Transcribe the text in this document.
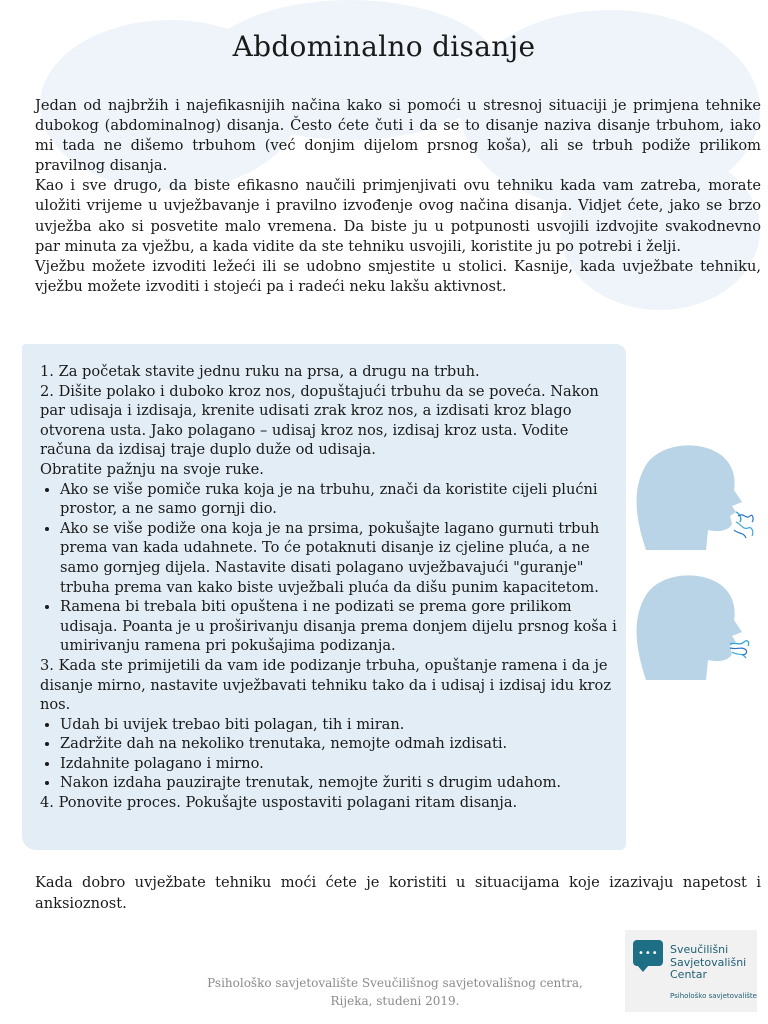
Abdominalno disanje

Jedan od najbržih i najefikasnijih načina kako si pomoći u stresnoj situaciji je primjena tehnike dubokog (abdominalnog) disanja. Često ćete čuti i da se to disanje naziva disanje trbuhom, iako mi tada ne dišemo trbuhom (već donjim dijelom prsnog koša), ali se trbuh podiže prilikom pravilnog disanja.

Kao i sve drugo, da biste efikasno naučili primjenjivati ovu tehniku kada vam zatreba, morate uložiti vrijeme u uvježbavanje i pravilno izvođenje ovog načina disanja. Vidjet ćete, jako se brzo uvježba ako si posvetite malo vremena. Da biste ju u potpunosti usvojili izdvojite svakodnevno par minuta za vježbu, a kada vidite da ste tehniku usvojili, koristite ju po potrebi i želji.

Vježbu možete izvoditi ležeći ili se udobno smjestite u stolici. Kasnije, kada uvježbate tehniku, vježbu možete izvoditi i stojeći pa i radeći neku lakšu aktivnost.

1. Za početak stavite jednu ruku na prsa, a drugu na trbuh.

2. Dišite polako i duboko kroz nos, dopuštajući trbuhu da se poveća. Nakon par udisaja i izdisaja, krenite udisati zrak kroz nos, a izdisati kroz blago otvorena usta. Jako polagano – udisaj kroz nos, izdisaj kroz usta. Vodite računa da izdisaj traje duplo duže od udisaja.

Obratite pažnju na svoje ruke.

• Ako se više pomiče ruka koja je na trbuhu, znači da koristite cijeli plućni prostor, a ne samo gornji dio.
• Ako se više podiže ona koja je na prsima, pokušajte lagano gurnuti trbuh prema van kada udahnete. To će potaknuti disanje iz cjeline pluća, a ne samo gornjeg dijela. Nastavite disati polagano uvježbavajući "guranje" trbuha prema van kako biste uvježbali pluća da dišu punim kapacitetom.
• Ramena bi trebala biti opuštena i ne podizati se prema gore prilikom udisaja. Poanta je u proširivanju disanja prema donjem dijelu prsnog koša i umirivanju ramena pri pokušajima podizanja.

3. Kada ste primijetili da vam ide podizanje trbuha, opuštanje ramena i da je disanje mirno, nastavite uvježbavati tehniku tako da i udisaj i izdisaj idu kroz nos.

• Udah bi uvijek trebao biti polagan, tih i miran.
• Zadržite dah na nekoliko trenutaka, nemojte odmah izdisati.
• Izdahnite polagano i mirno.
• Nakon izdaha pauzirajte trenutak, nemojte žuriti s drugim udahom.

4. Ponovite proces. Pokušajte uspostaviti polagani ritam disanja.

Kada dobro uvježbate tehniku moći ćete je koristiti u situacijama koje izazivaju napetost i anksioznost.

Psihološko savjetovalište Sveučilišnog savjetovališnog centra,
Rijeka, studeni 2019.
••• Sveučilišni
Savjetovališni
Centar
Psihološko savjetovalište
